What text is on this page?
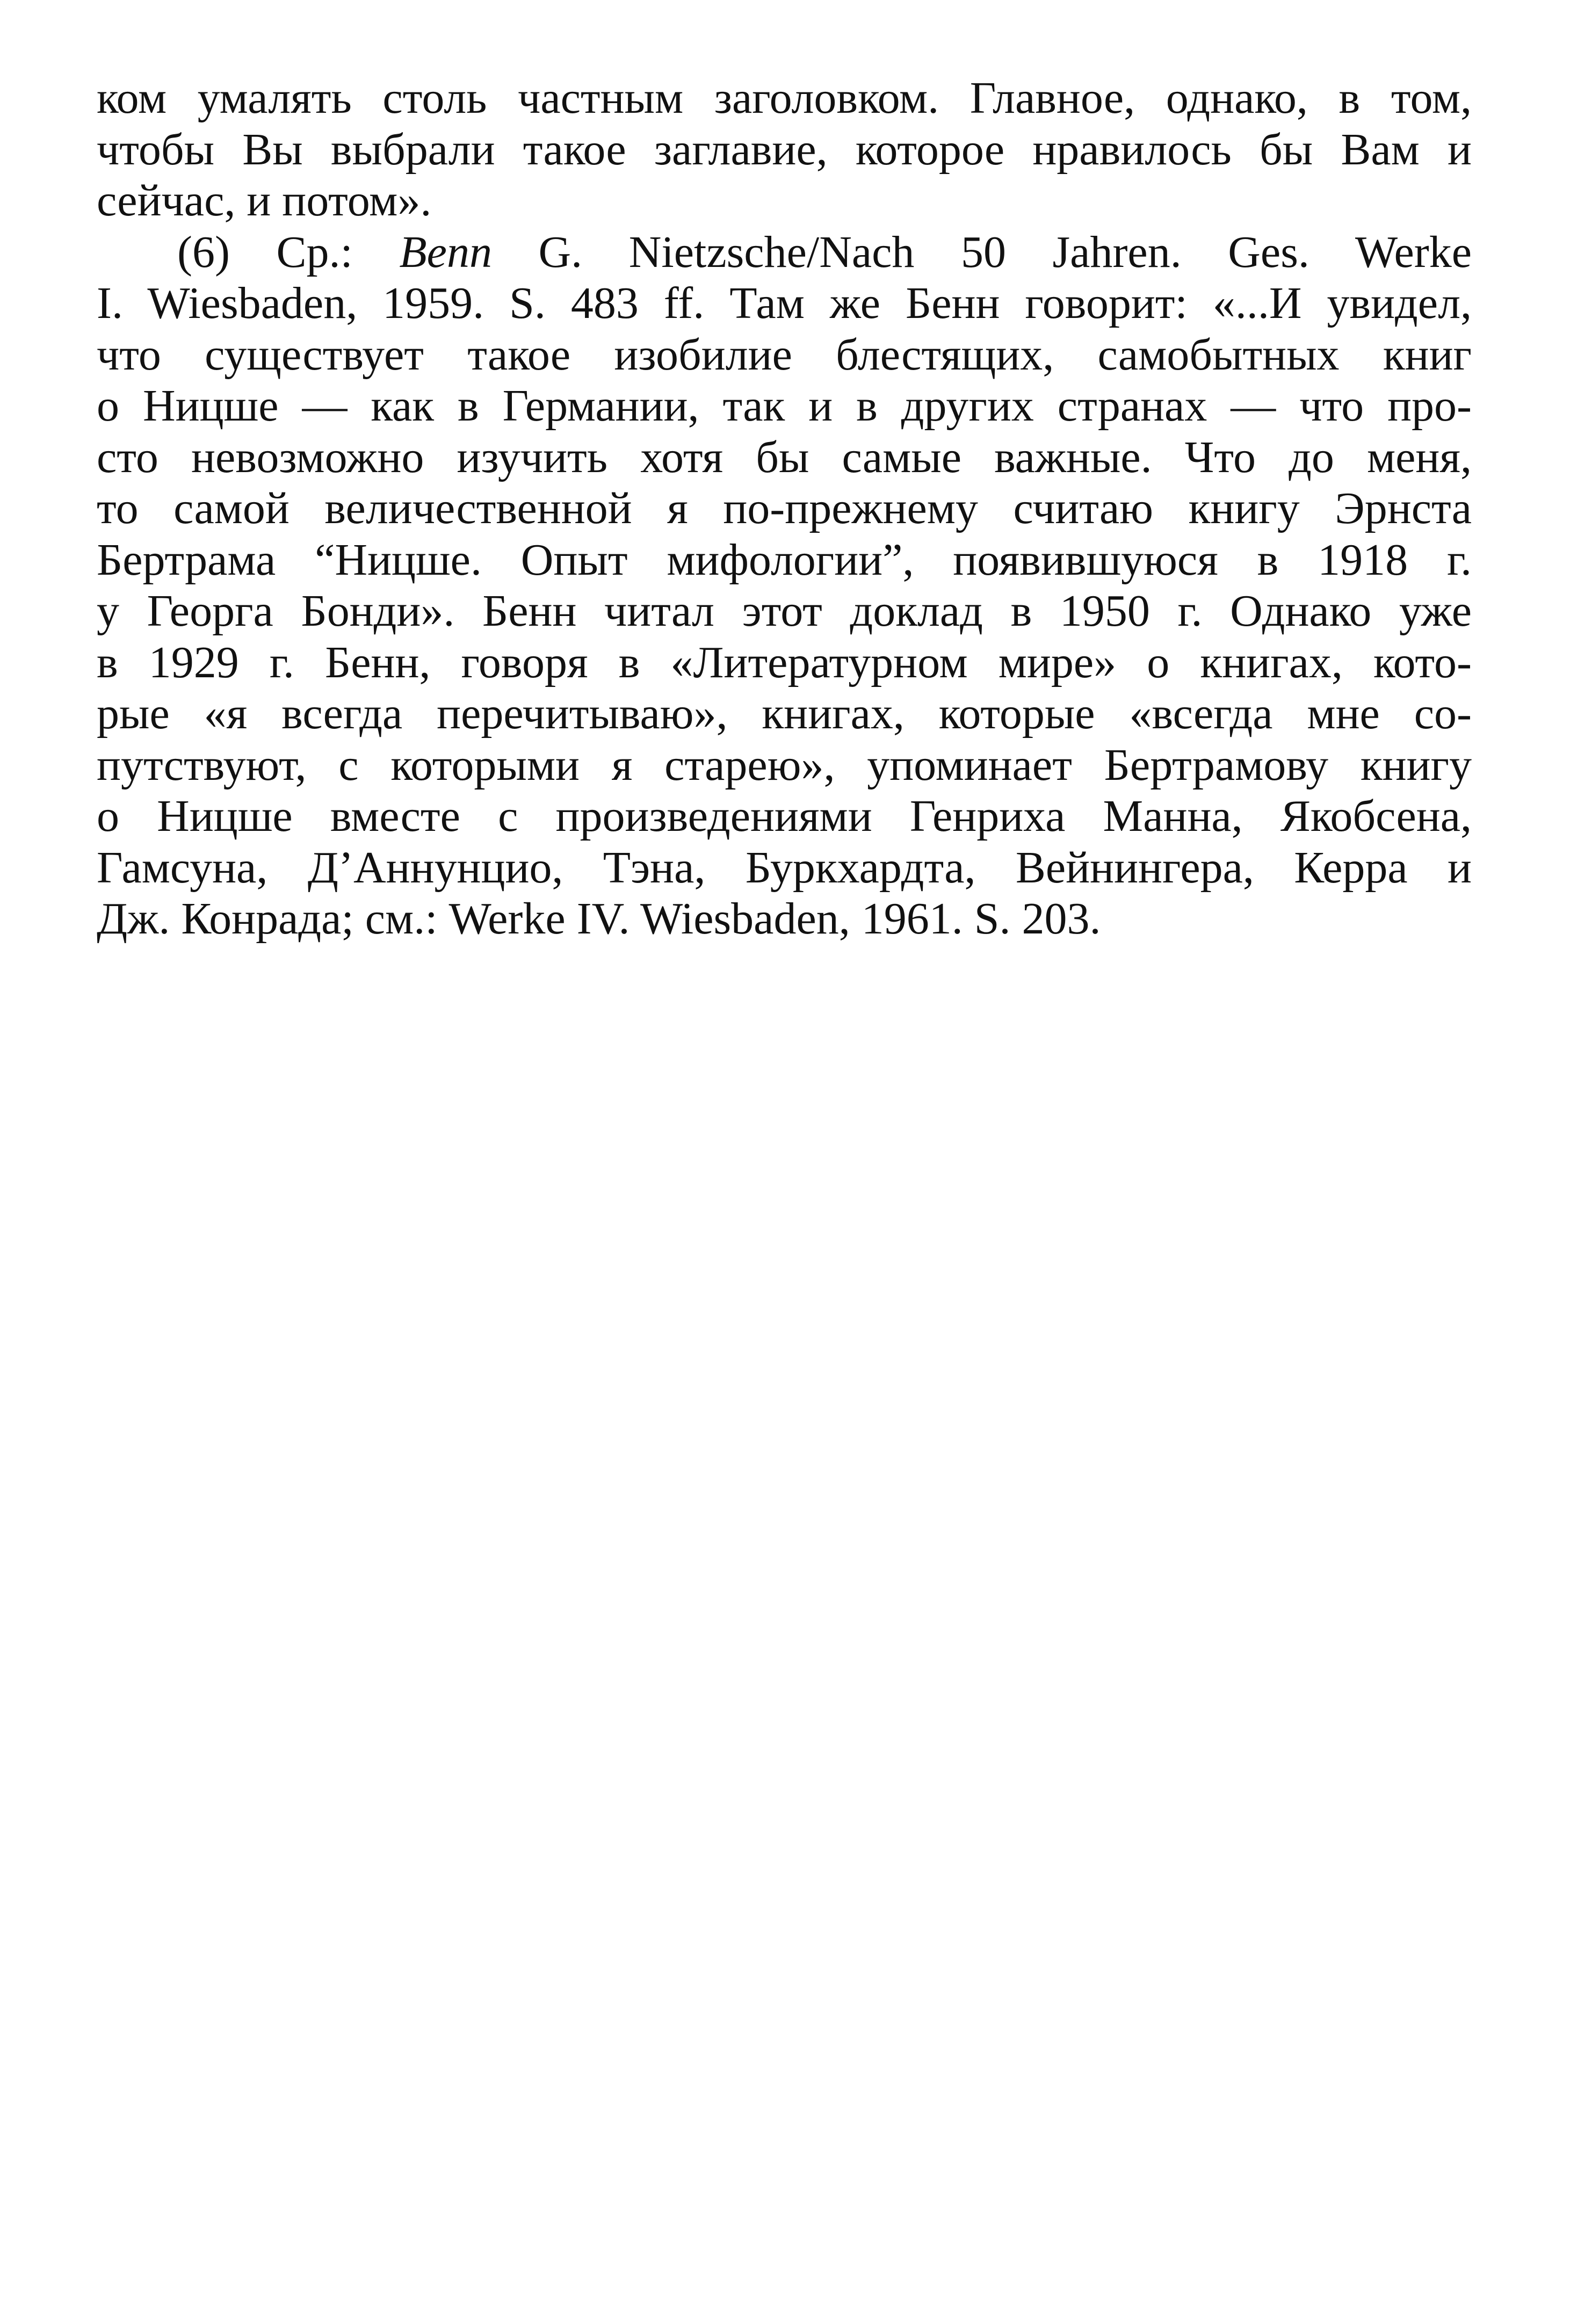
ком умалять столь частным заголовком. Главное, однако, в том,
чтобы Вы выбрали такое заглавие, которое нравилось бы Вам и
сейчас, и потом».
(6) Ср.: Benn G. Nietzsche/Nach 50 Jahren. Ges. Werke
I. Wiesbaden, 1959. S. 483 ff. Там же Бенн говорит: «...И увидел,
что существует такое изобилие блестящих, самобытных книг
о Ницше — как в Германии, так и в других странах — что про-
сто невозможно изучить хотя бы самые важные. Что до меня,
то самой величественной я по-прежнему считаю книгу Эрнста
Бертрама “Ницше. Опыт мифологии”, появившуюся в 1918 г.
у Георга Бонди». Бенн читал этот доклад в 1950 г. Однако уже
в 1929 г. Бенн, говоря в «Литературном мире» о книгах, кото-
рые «я всегда перечитываю», книгах, которые «всегда мне со-
путствуют, с которыми я старею», упоминает Бертрамову книгу
о Ницше вместе с произведениями Генриха Манна, Якобсена,
Гамсуна, Д’Аннунцио, Тэна, Буркхардта, Вейнингера, Керра и
Дж. Конрада; см.: Werke IV. Wiesbaden, 1961. S. 203.
